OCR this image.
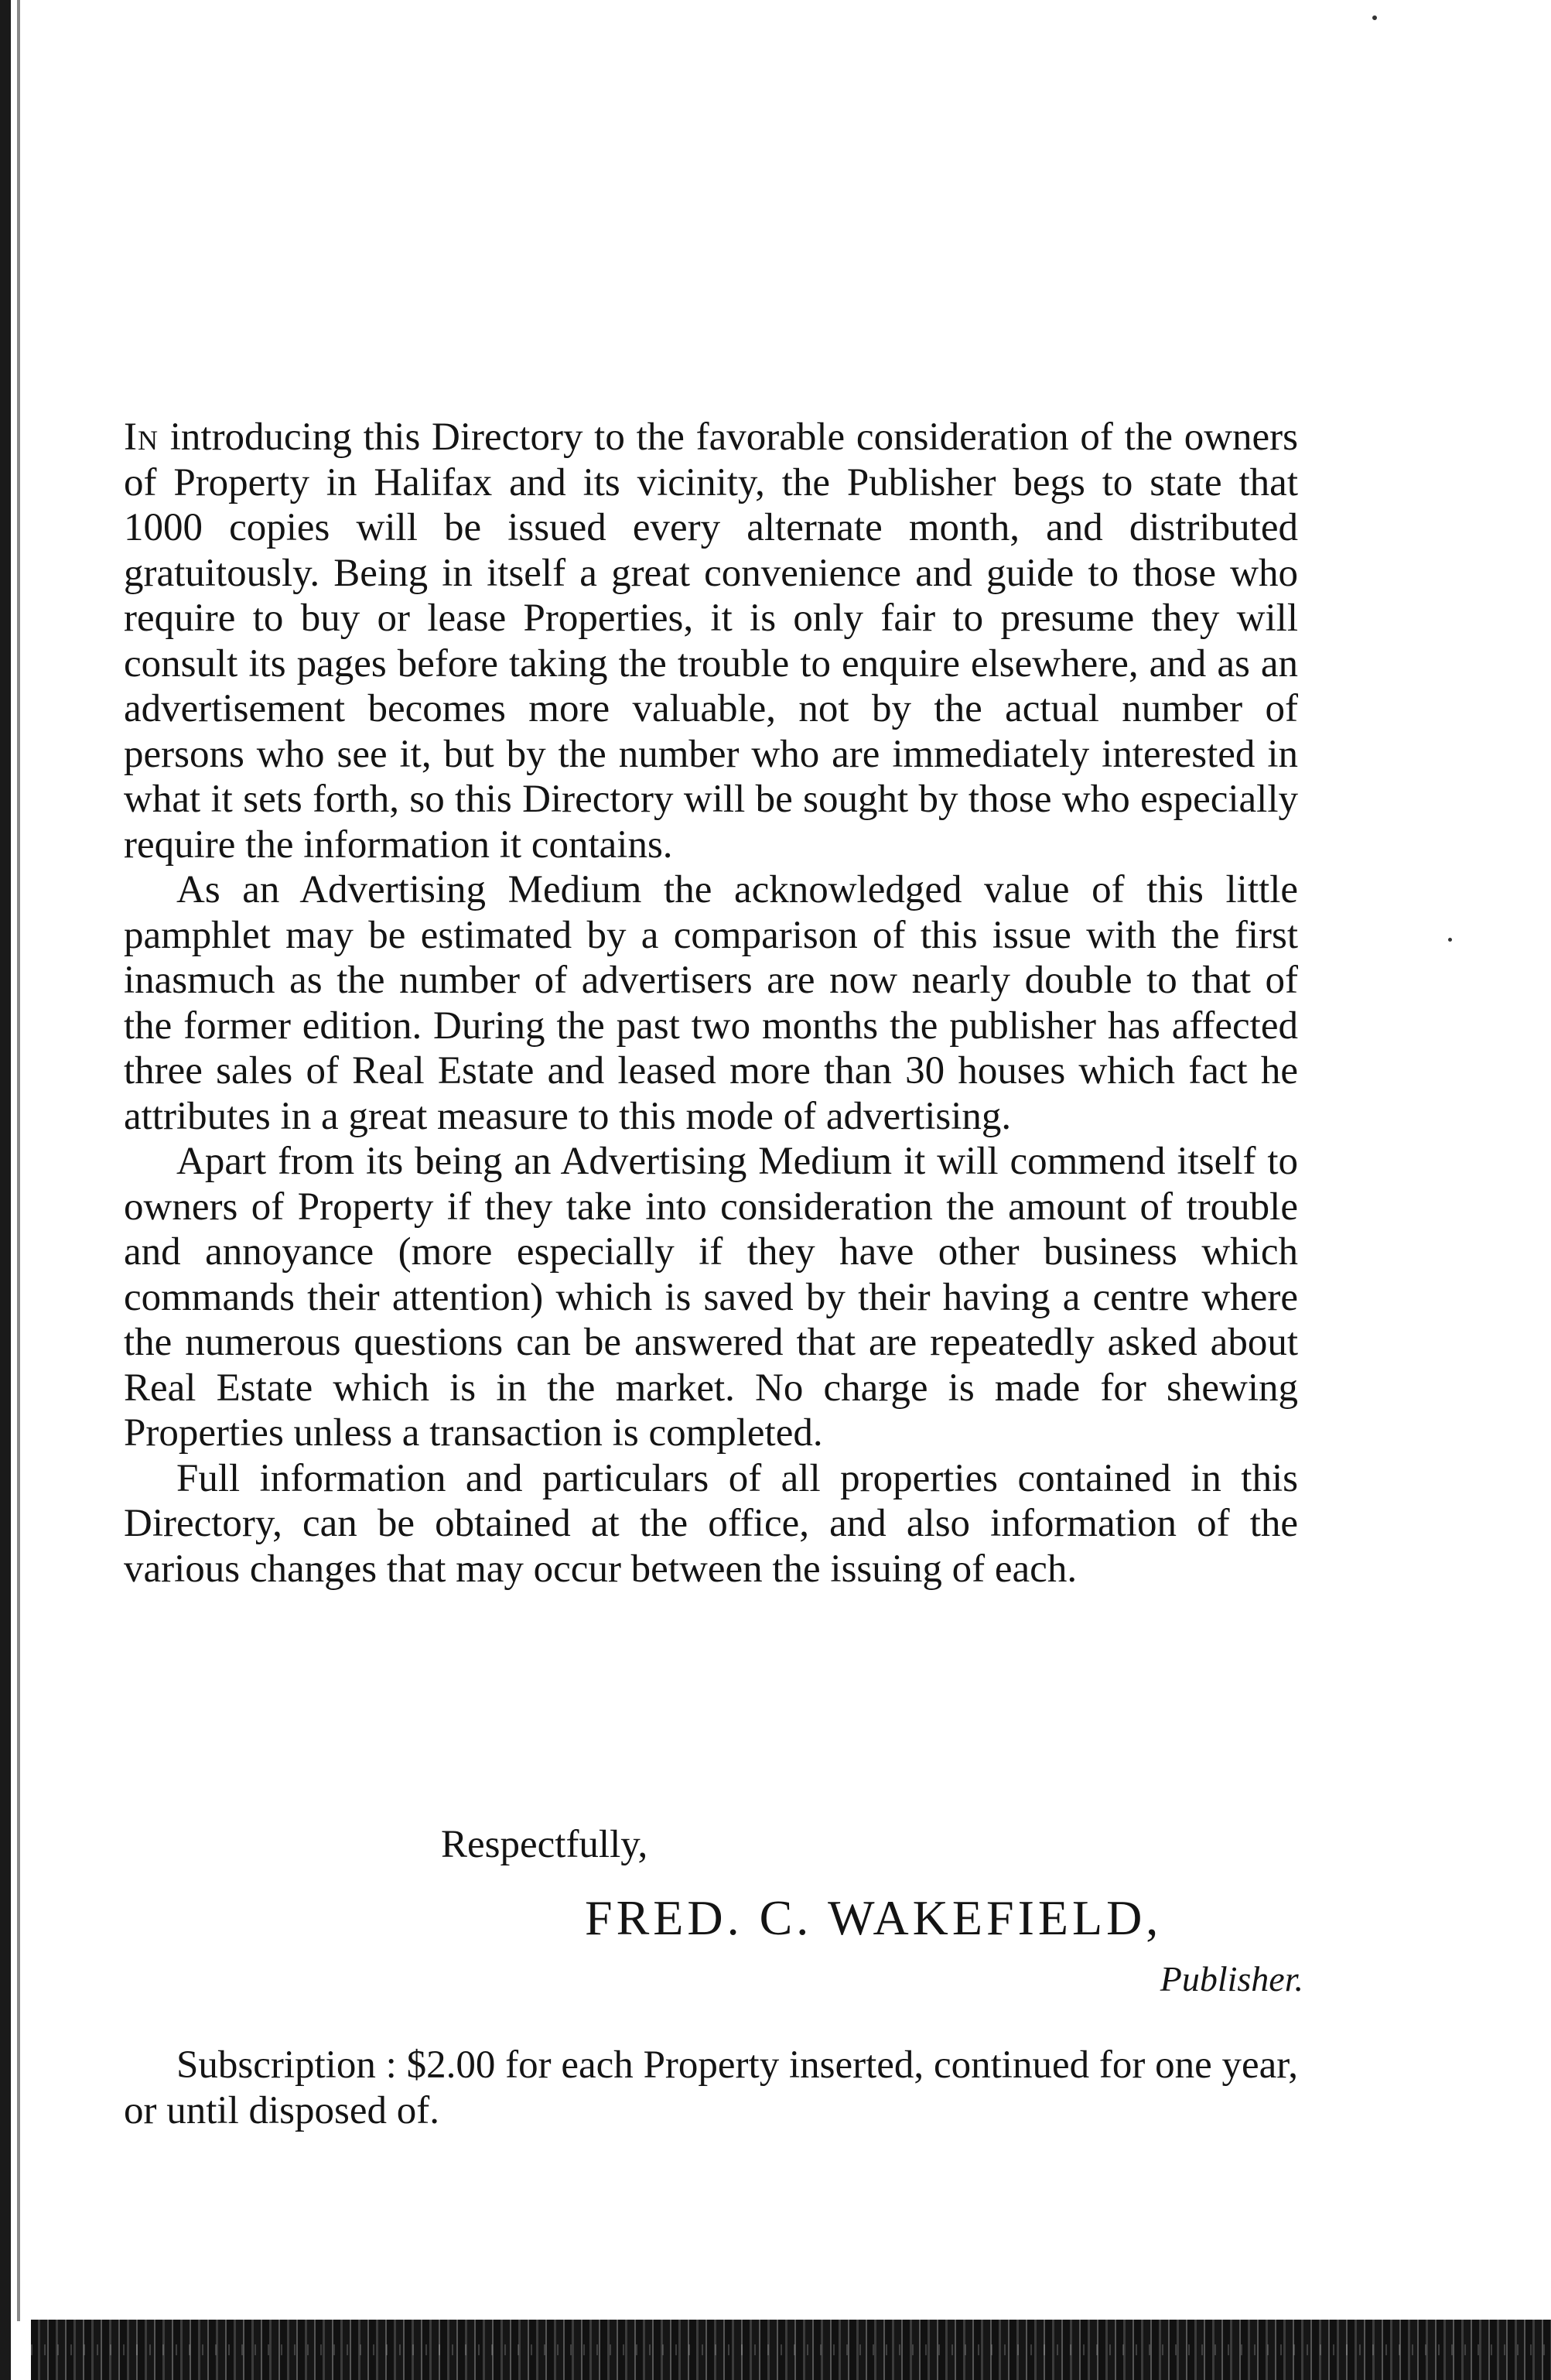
In introducing this Directory to the favorable consideration of the owners of Property in Halifax and its vicinity, the Publisher begs to state that 1000 copies will be issued every alternate month, and distributed gratuitously. Being in itself a great convenience and guide to those who require to buy or lease Properties, it is only fair to presume they will consult its pages before taking the trouble to enquire elsewhere, and as an advertisement becomes more valuable, not by the actual number of persons who see it, but by the number who are immediately interested in what it sets forth, so this Directory will be sought by those who especially require the information it contains.

As an Advertising Medium the acknowledged value of this little pamphlet may be estimated by a comparison of this issue with the first inasmuch as the number of advertisers are now nearly double to that of the former edition. During the past two months the publisher has affected three sales of Real Estate and leased more than 30 houses which fact he attributes in a great measure to this mode of advertising.

Apart from its being an Advertising Medium it will commend itself to owners of Property if they take into consideration the amount of trouble and annoyance (more especially if they have other business which commands their attention) which is saved by their having a centre where the numerous questions can be answered that are repeatedly asked about Real Estate which is in the market. No charge is made for shewing Properties unless a transaction is completed.

Full information and particulars of all properties contained in this Directory, can be obtained at the office, and also information of the various changes that may occur between the issuing of each.

Respectfully,
FRED. C. WAKEFIELD,
Publisher.

Subscription : $2.00 for each Property inserted, continued for one year, or until disposed of.
